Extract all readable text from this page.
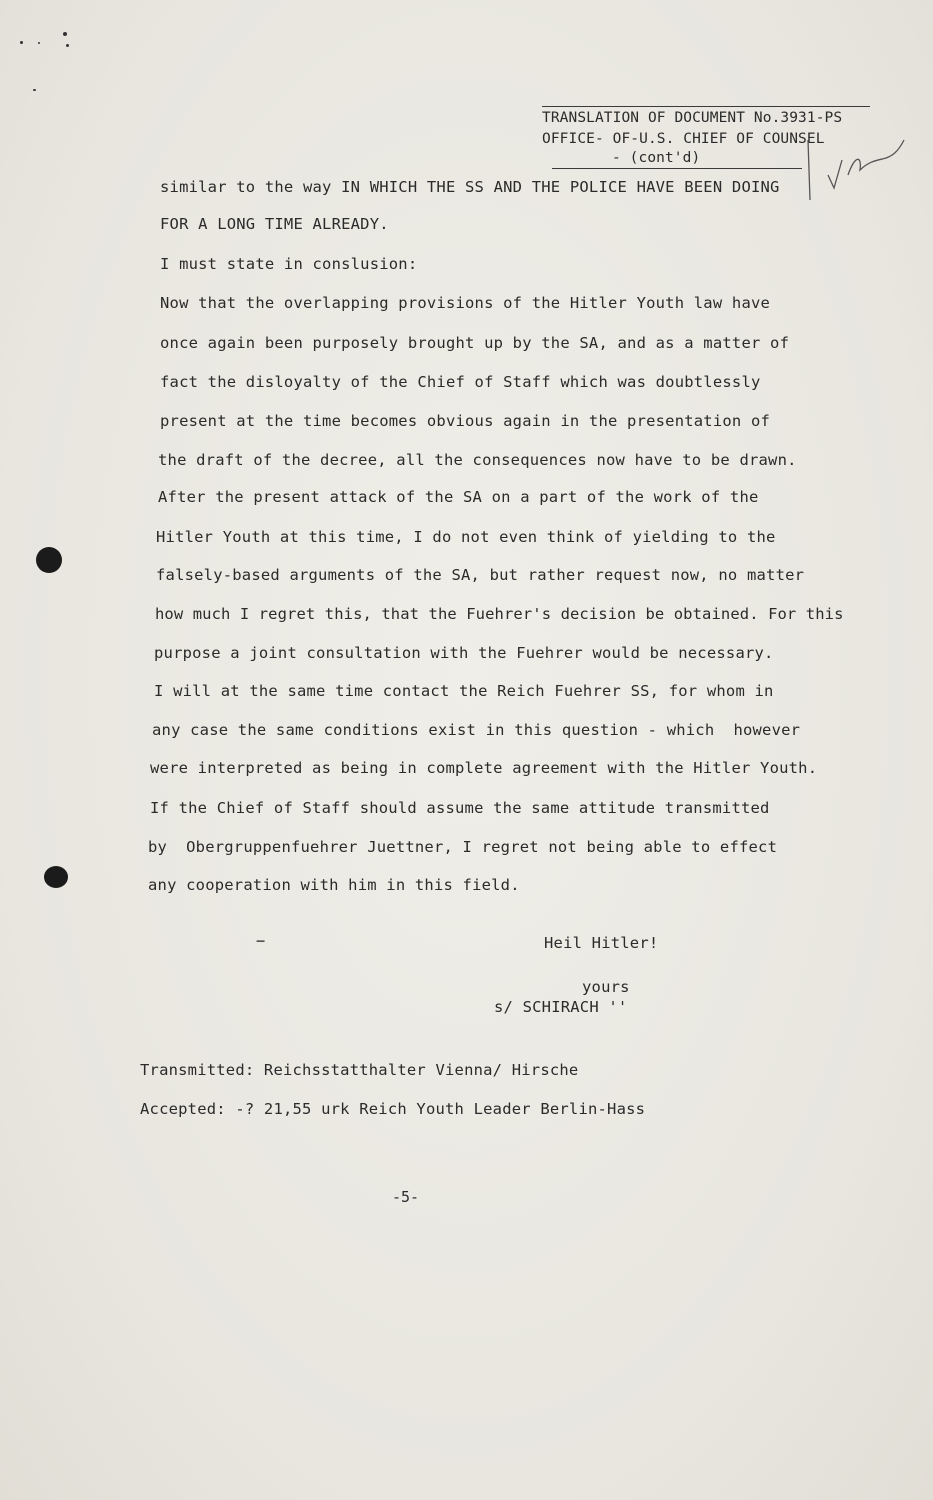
TRANSLATION OF DOCUMENT No.3931-PS
OFFICE- OF-U.S. CHIEF OF COUNSEL
- (cont'd)
similar to the way IN WHICH THE SS AND THE POLICE HAVE BEEN DOING
FOR A LONG TIME ALREADY.
I must state in conslusion:
Now that the overlapping provisions of the Hitler Youth law have
once again been purposely brought up by the SA, and as a matter of
fact the disloyalty of the Chief of Staff which was doubtlessly
present at the time becomes obvious again in the presentation of
the draft of the decree, all the consequences now have to be drawn.
After the present attack of the SA on a part of the work of the
Hitler Youth at this time, I do not even think of yielding to the
falsely-based arguments of the SA, but rather request now, no matter
how much I regret this, that the Fuehrer's decision be obtained. For this
purpose a joint consultation with the Fuehrer would be necessary.
I will at the same time contact the Reich Fuehrer SS, for whom in
any case the same conditions exist in this question - which  however
were interpreted as being in complete agreement with the Hitler Youth.
If the Chief of Staff should assume the same attitude transmitted
by  Obergruppenfuehrer Juettner, I regret not being able to effect
any cooperation with him in this field.
−	Heil Hitler!
yours
s/ SCHIRACH ''
Transmitted: Reichsstatthalter Vienna/ Hirsche
Accepted: -? 21,55 urk Reich Youth Leader Berlin-Hass
-5-
